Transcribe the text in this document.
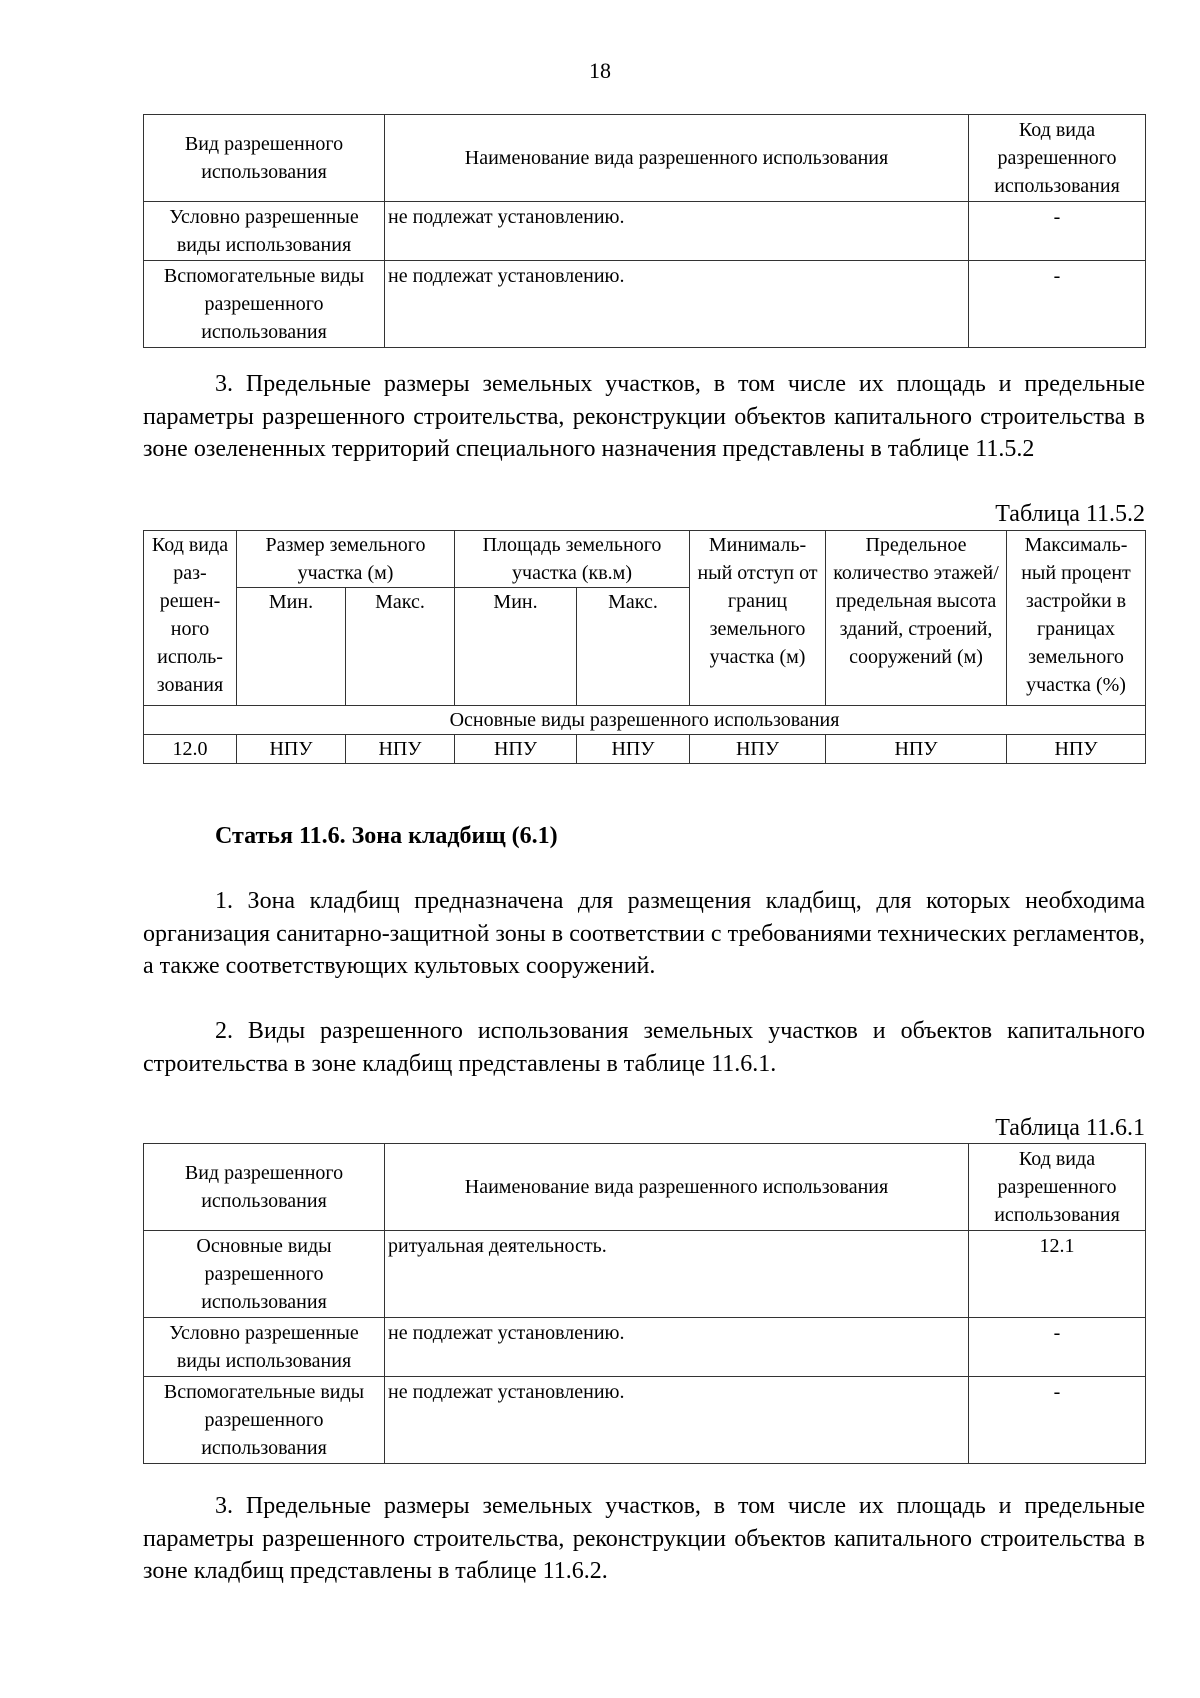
18
Вид разрешенного использования	Наименование вида разрешенного использования	Код вида разрешенного использования
Условно разрешенные виды использования	не подлежат установлению.	-
Вспомогательные виды разрешенного использования	не подлежат установлению.	-

3. Предельные размеры земельных участков, в том числе их площадь и предельные параметры разрешенного строительства, реконструкции объектов капитального строительства в зоне озелененных территорий специального назначения представлены в таблице 11.5.2

Таблица 11.5.2
Код вида раз-решен-ного исполь-зования	Размер земельного участка (м)		Площадь земельного участка (кв.м)		Минималь-ный отступ от границ земельного участка (м)	Предельное количество этажей/ предельная высота зданий, строений, сооружений (м)	Максималь-ный процент застройки в границах земельного участка (%)
	Мин.	Макс.	Мин.	Макс.			
Основные виды разрешенного использования							
12.0	НПУ	НПУ	НПУ	НПУ	НПУ	НПУ	НПУ
Статья 11.6. Зона кладбищ (6.1)

1. Зона кладбищ предназначена для размещения кладбищ, для которых необходима организация санитарно-защитной зоны в соответствии с требованиями технических регламентов, а также соответствующих культовых сооружений.

2. Виды разрешенного использования земельных участков и объектов капитального строительства в зоне кладбищ представлены в таблице 11.6.1.

Таблица 11.6.1
Вид разрешенного использования	Наименование вида разрешенного использования	Код вида разрешенного использования
Основные виды разрешенного использования	ритуальная деятельность.	12.1
Условно разрешенные виды использования	не подлежат установлению.	-
Вспомогательные виды разрешенного использования	не подлежат установлению.	-

3. Предельные размеры земельных участков, в том числе их площадь и предельные параметры разрешенного строительства, реконструкции объектов капитального строительства в зоне кладбищ представлены в таблице 11.6.2.
